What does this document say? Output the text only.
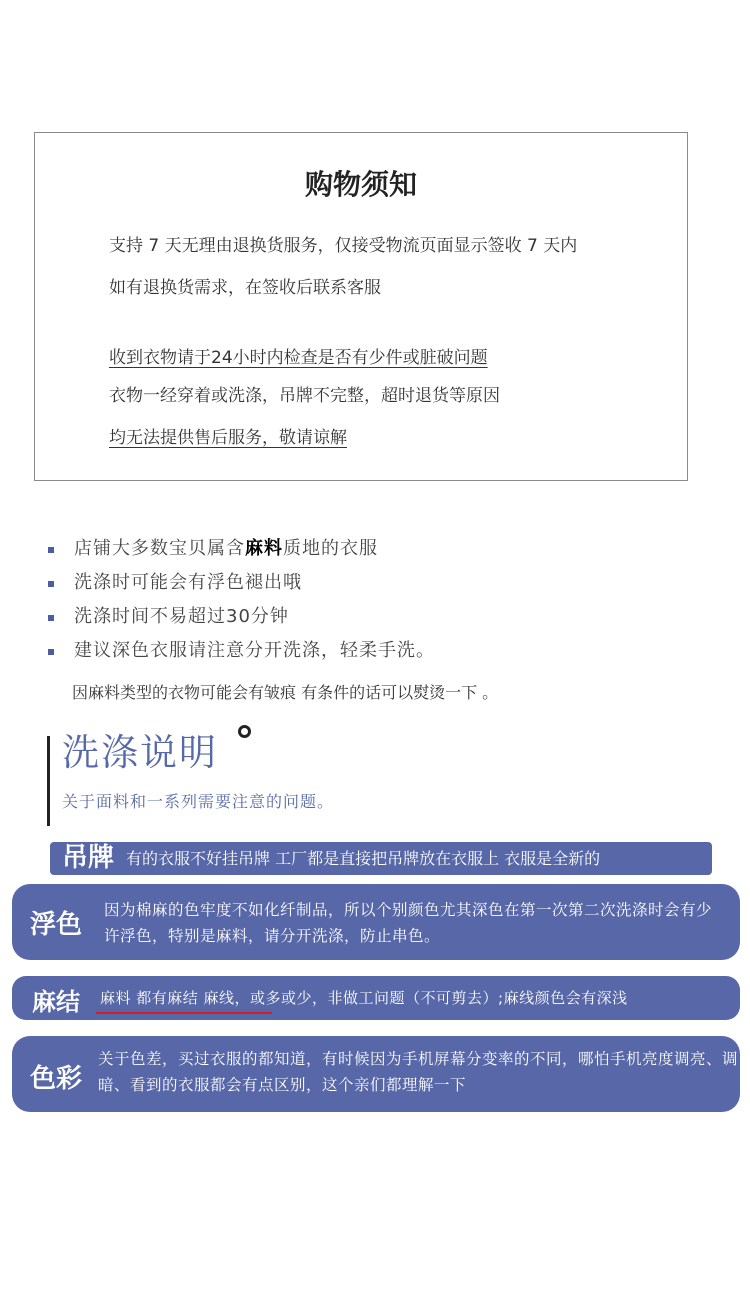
购物须知
支持 7 天无理由退换货服务，仅接受物流页面显示签收 7 天内
如有退换货需求，在签收后联系客服
收到衣物请于24小时内检查是否有少件或脏破问题
衣物一经穿着或洗涤，吊牌不完整，超时退货等原因
均无法提供售后服务，敬请谅解
店铺大多数宝贝属含麻料质地的衣服
洗涤时可能会有浮色褪出哦
洗涤时间不易超过30分钟
建议深色衣服请注意分开洗涤，轻柔手洗。
因麻料类型的衣物可能会有皱痕 有条件的话可以熨烫一下 。
洗涤说明
关于面料和一系列需要注意的问题。
吊牌 有的衣服不好挂吊牌 工厂都是直接把吊牌放在衣服上 衣服是全新的
浮色 因为棉麻的色牢度不如化纤制品，所以个别颜色尤其深色在第一次第二次洗涤时会有少许浮色，特别是麻料，请分开洗涤，防止串色。
麻结 麻料 都有麻结 麻线，或多或少，非做工问题（不可剪去）;麻线颜色会有深浅
色彩
关于色差，买过衣服的都知道，有时候因为手机屏幕分变率的不同，哪怕手机亮度调亮、调暗、看到的衣服都会有点区别，这个亲们都理解一下
